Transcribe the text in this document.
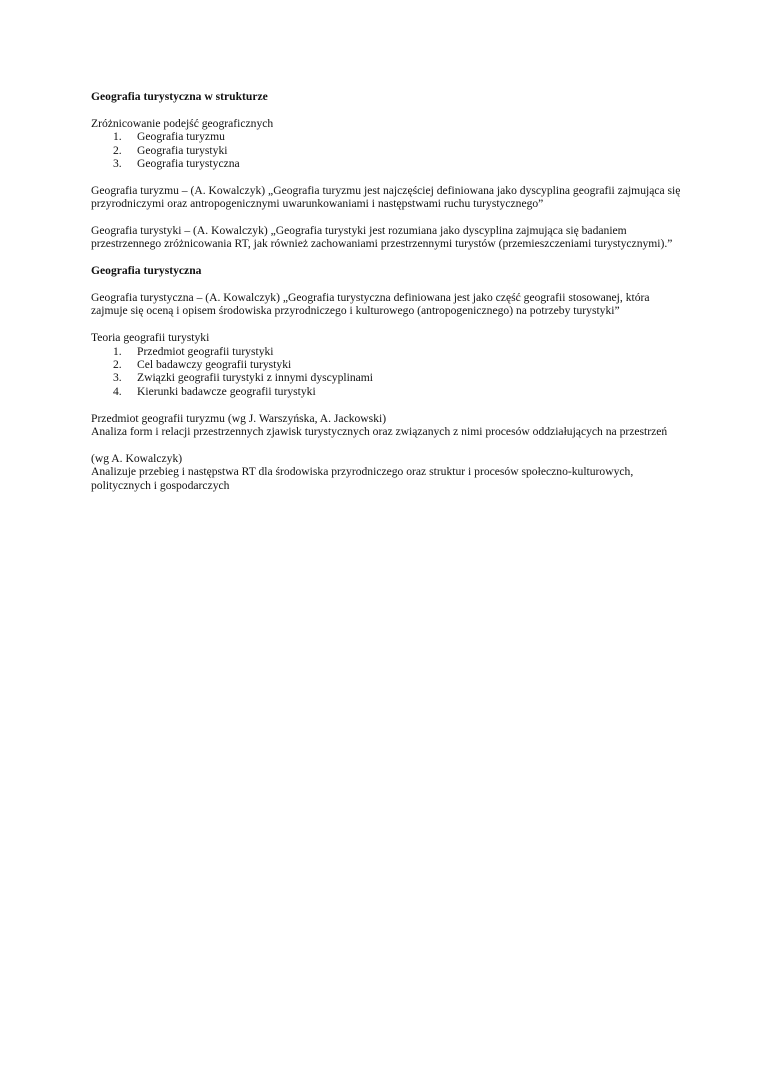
Geografia turystyczna w strukturze

Zróżnicowanie podejść geograficznych

1.	Geografia turyzmu
2.	Geografia turystyki
3.	Geografia turystyczna

Geografia turyzmu – (A. Kowalczyk) „Geografia turyzmu jest najczęściej definiowana jako dyscyplina geografii zajmująca się przyrodniczymi oraz antropogenicznymi uwarunkowaniami i następstwami ruchu turystycznego”

Geografia turystyki – (A. Kowalczyk) „Geografia turystyki jest rozumiana jako dyscyplina zajmująca się badaniem przestrzennego zróżnicowania RT, jak również zachowaniami przestrzennymi turystów (przemieszczeniami turystycznymi).”

Geografia turystyczna

Geografia turystyczna – (A. Kowalczyk) „Geografia turystyczna definiowana jest jako część geografii stosowanej, która zajmuje się oceną i opisem środowiska przyrodniczego i kulturowego (antropogenicznego) na potrzeby turystyki”

Teoria geografii turystyki

1.	Przedmiot geografii turystyki
2.	Cel badawczy geografii turystyki
3.	Związki geografii turystyki z innymi dyscyplinami
4.	Kierunki badawcze geografii turystyki

Przedmiot geografii turyzmu (wg J. Warszyńska, A. Jackowski)

Analiza form i relacji przestrzennych zjawisk turystycznych oraz związanych z nimi procesów oddziałujących na przestrzeń

(wg A. Kowalczyk)

Analizuje przebieg i następstwa RT dla środowiska przyrodniczego oraz struktur i procesów społeczno-kulturowych, politycznych i gospodarczych
